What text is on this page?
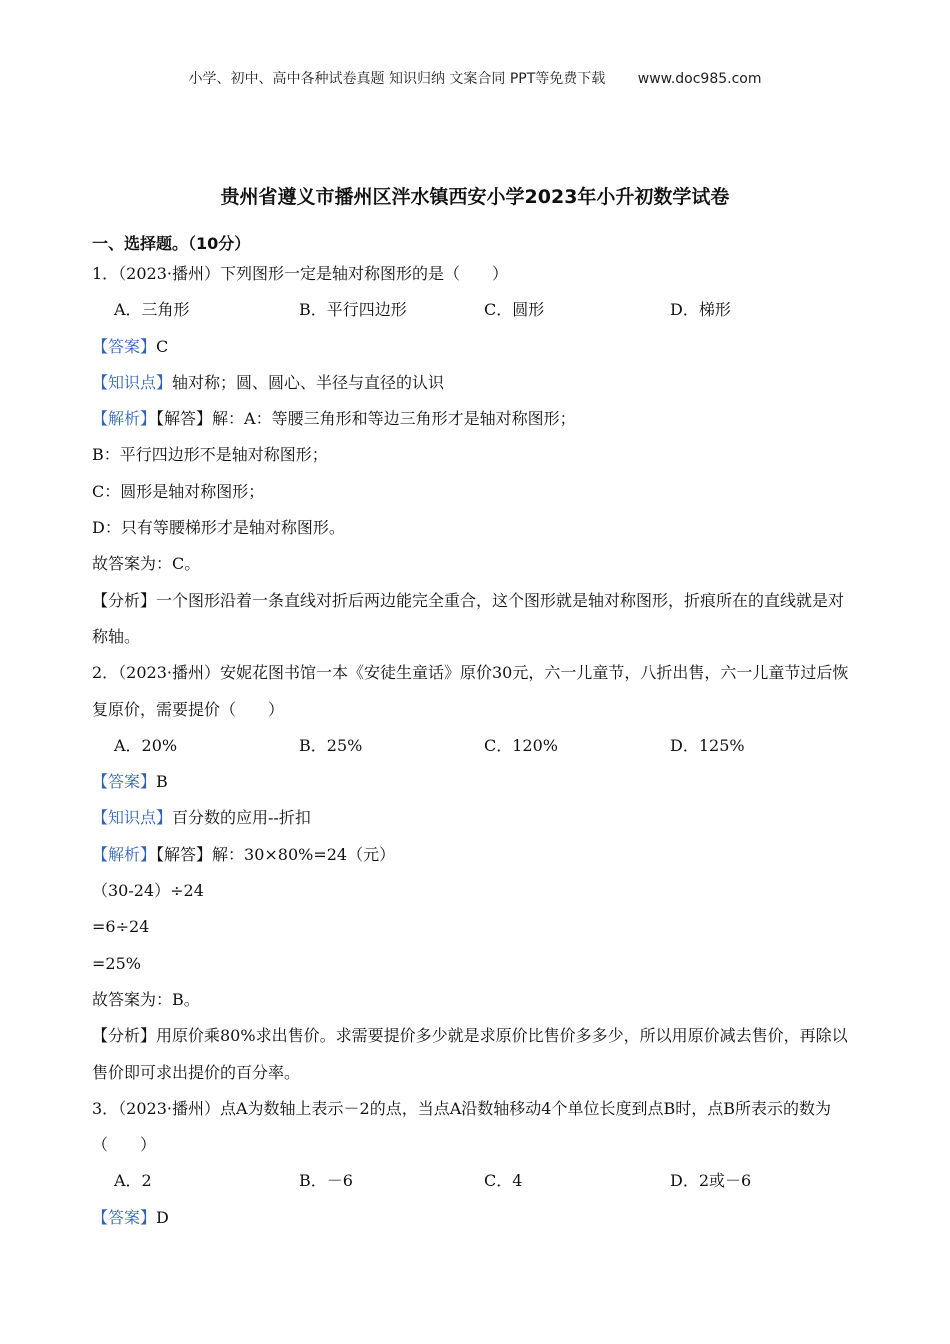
小学、初中、高中各种试卷真题 知识归纳 文案合同 PPT等免费下载 www.doc985.com
贵州省遵义市播州区泮水镇西安小学2023年小升初数学试卷
一、选择题。（10分）
1．（2023·播州）下列图形一定是轴对称图形的是（　　）
A．三角形	B．平行四边形	C．圆形	D．梯形
【答案】C
【知识点】轴对称；圆、圆心、半径与直径的认识
【解析】【解答】解：A：等腰三角形和等边三角形才是轴对称图形；
B：平行四边形不是轴对称图形；
C：圆形是轴对称图形；
D：只有等腰梯形才是轴对称图形。
故答案为：C。
【分析】一个图形沿着一条直线对折后两边能完全重合，这个图形就是轴对称图形，折痕所在的直线就是对称轴。
2．（2023·播州）安妮花图书馆一本《安徒生童话》原价30元，六一儿童节，八折出售，六一儿童节过后恢复原价，需要提价（　　）
A．20%	B．25%	C．120%	D．125%
【答案】B
【知识点】百分数的应用--折扣
【解析】【解答】解：30×80%=24（元）
（30-24）÷24
=6÷24
=25%
故答案为：B。
【分析】用原价乘80%求出售价。求需要提价多少就是求原价比售价多多少，所以用原价减去售价，再除以售价即可求出提价的百分率。
3．（2023·播州）点A为数轴上表示－2的点，当点A沿数轴移动4个单位长度到点B时，点B所表示的数为（　　）
A．2	B．－6	C．4	D．2或－6
【答案】D
